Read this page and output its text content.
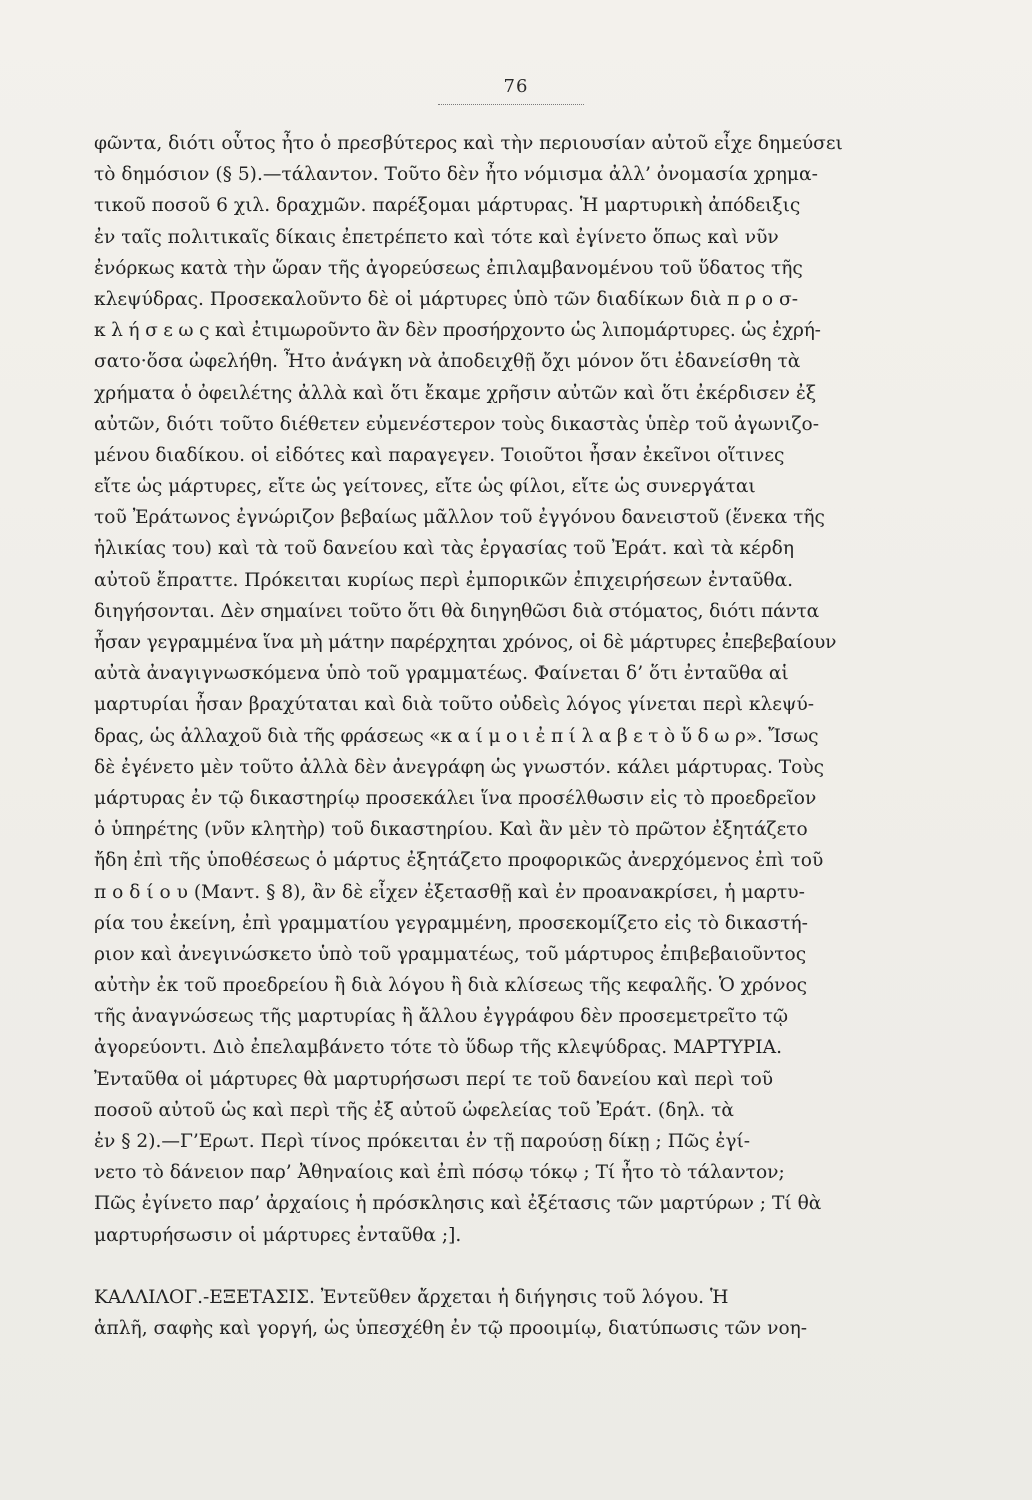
76
φῶντα, διότι οὗτος ἦτο ὁ πρεσβύτερος καὶ τὴν περιουσίαν αὐτοῦ εἶχε δημεύσει
τὸ δημόσιον (§ 5).—τάλαντον. Τοῦτο δὲν ἦτο νόμισμα ἀλλ’ ὀνομασία χρημα-
τικοῦ ποσοῦ 6 χιλ. δραχμῶν. παρέξομαι μάρτυρας. Ἡ μαρτυρικὴ ἀπόδειξις
ἐν ταῖς πολιτικαῖς δίκαις ἐπετρέπετο καὶ τότε καὶ ἐγίνετο ὅπως καὶ νῦν
ἐνόρκως κατὰ τὴν ὥραν τῆς ἀγορεύσεως ἐπιλαμβανομένου τοῦ ὕδατος τῆς
κλεψύδρας. Προσεκαλοῦντο δὲ οἱ μάρτυρες ὑπὸ τῶν διαδίκων διὰ π ρ ο σ-
κ λ ή σ ε ω ς καὶ ἐτιμωροῦντο ἂν δὲν προσήρχοντο ὡς λιπομάρτυρες. ὡς ἐχρή-
σατο·ὅσα ὠφελήθη. Ἦτο ἀνάγκη νὰ ἀποδειχθῇ ὄχι μόνον ὅτι ἐδανείσθη τὰ
χρήματα ὁ ὀφειλέτης ἀλλὰ καὶ ὅτι ἔκαμε χρῆσιν αὐτῶν καὶ ὅτι ἐκέρδισεν ἐξ
αὐτῶν, διότι τοῦτο διέθετεν εὐμενέστερον τοὺς δικαστὰς ὑπὲρ τοῦ ἀγωνιζο-
μένου διαδίκου. οἱ εἰδότες καὶ παραγεγεν. Τοιοῦτοι ἦσαν ἐκεῖνοι οἵτινες
εἴτε ὡς μάρτυρες, εἴτε ὡς γείτονες, εἴτε ὡς φίλοι, εἴτε ὡς συνεργάται
τοῦ Ἐράτωνος ἐγνώριζον βεβαίως μᾶλλον τοῦ ἐγγόνου δανειστοῦ (ἕνεκα τῆς
ἡλικίας του) καὶ τὰ τοῦ δανείου καὶ τὰς ἐργασίας τοῦ Ἐράτ. καὶ τὰ κέρδη
αὐτοῦ ἔπραττε. Πρόκειται κυρίως περὶ ἐμπορικῶν ἐπιχειρήσεων ἐνταῦθα.
διηγήσονται. Δὲν σημαίνει τοῦτο ὅτι θὰ διηγηθῶσι διὰ στόματος, διότι πάντα
ἦσαν γεγραμμένα ἵνα μὴ μάτην παρέρχηται χρόνος, οἱ δὲ μάρτυρες ἐπεβεβαίουν
αὐτὰ ἀναγιγνωσκόμενα ὑπὸ τοῦ γραμματέως. Φαίνεται δ’ ὅτι ἐνταῦθα αἱ
μαρτυρίαι ἦσαν βραχύταται καὶ διὰ τοῦτο οὐδεὶς λόγος γίνεται περὶ κλεψύ-
δρας, ὡς ἀλλαχοῦ διὰ τῆς φράσεως «κ α ί μ ο ι ἐ π ί λ α β ε τ ὸ ὕ δ ω ρ». Ἴσως
δὲ ἐγένετο μὲν τοῦτο ἀλλὰ δὲν ἀνεγράφη ὡς γνωστόν. κάλει μάρτυρας. Τοὺς
μάρτυρας ἐν τῷ δικαστηρίῳ προσεκάλει ἵνα προσέλθωσιν εἰς τὸ προεδρεῖον
ὁ ὑπηρέτης (νῦν κλητὴρ) τοῦ δικαστηρίου. Καὶ ἂν μὲν τὸ πρῶτον ἐξητάζετο
ἤδη ἐπὶ τῆς ὑποθέσεως ὁ μάρτυς ἐξητάζετο προφορικῶς ἀνερχόμενος ἐπὶ τοῦ
π ο δ ί ο υ (Μαντ. § 8), ἂν δὲ εἶχεν ἐξετασθῇ καὶ ἐν προανακρίσει, ἡ μαρτυ-
ρία του ἐκείνη, ἐπὶ γραμματίου γεγραμμένη, προσεκομίζετο εἰς τὸ δικαστή-
ριον καὶ ἀνεγινώσκετο ὑπὸ τοῦ γραμματέως, τοῦ μάρτυρος ἐπιβεβαιοῦντος
αὐτὴν ἐκ τοῦ προεδρείου ἢ διὰ λόγου ἢ διὰ κλίσεως τῆς κεφαλῆς. Ὁ χρόνος
τῆς ἀναγνώσεως τῆς μαρτυρίας ἢ ἄλλου ἐγγράφου δὲν προσεμετρεῖτο τῷ
ἀγορεύοντι. Διὸ ἐπελαμβάνετο τότε τὸ ὕδωρ τῆς κλεψύδρας. ΜΑΡΤΥΡΙΑ.
Ἐνταῦθα οἱ μάρτυρες θὰ μαρτυρήσωσι περί τε τοῦ δανείου καὶ περὶ τοῦ
ποσοῦ αὐτοῦ ὡς καὶ περὶ τῆς ἐξ αὐτοῦ ὠφελείας τοῦ Ἐράτ. (δηλ. τὰ
ἐν § 2).—Γ’Ερωτ. Περὶ τίνος πρόκειται ἐν τῇ παρούσῃ δίκῃ ; Πῶς ἐγί-
νετο τὸ δάνειον παρ’ Ἀθηναίοις καὶ ἐπὶ πόσῳ τόκῳ ; Τί ἦτο τὸ τάλαντον;
Πῶς ἐγίνετο παρ’ ἀρχαίοις ἡ πρόσκλησις καὶ ἐξέτασις τῶν μαρτύρων ; Τί θὰ
μαρτυρήσωσιν οἱ μάρτυρες ἐνταῦθα ;].
ΚΑΛΛΙΛΟΓ.-ΕΞΕΤΑΣΙΣ. Ἐντεῦθεν ἄρχεται ἡ διήγησις τοῦ λόγου. Ἡ
ἁπλῆ, σαφὴς καὶ γοργή, ὡς ὑπεσχέθη ἐν τῷ προοιμίῳ, διατύπωσις τῶν νοη-
